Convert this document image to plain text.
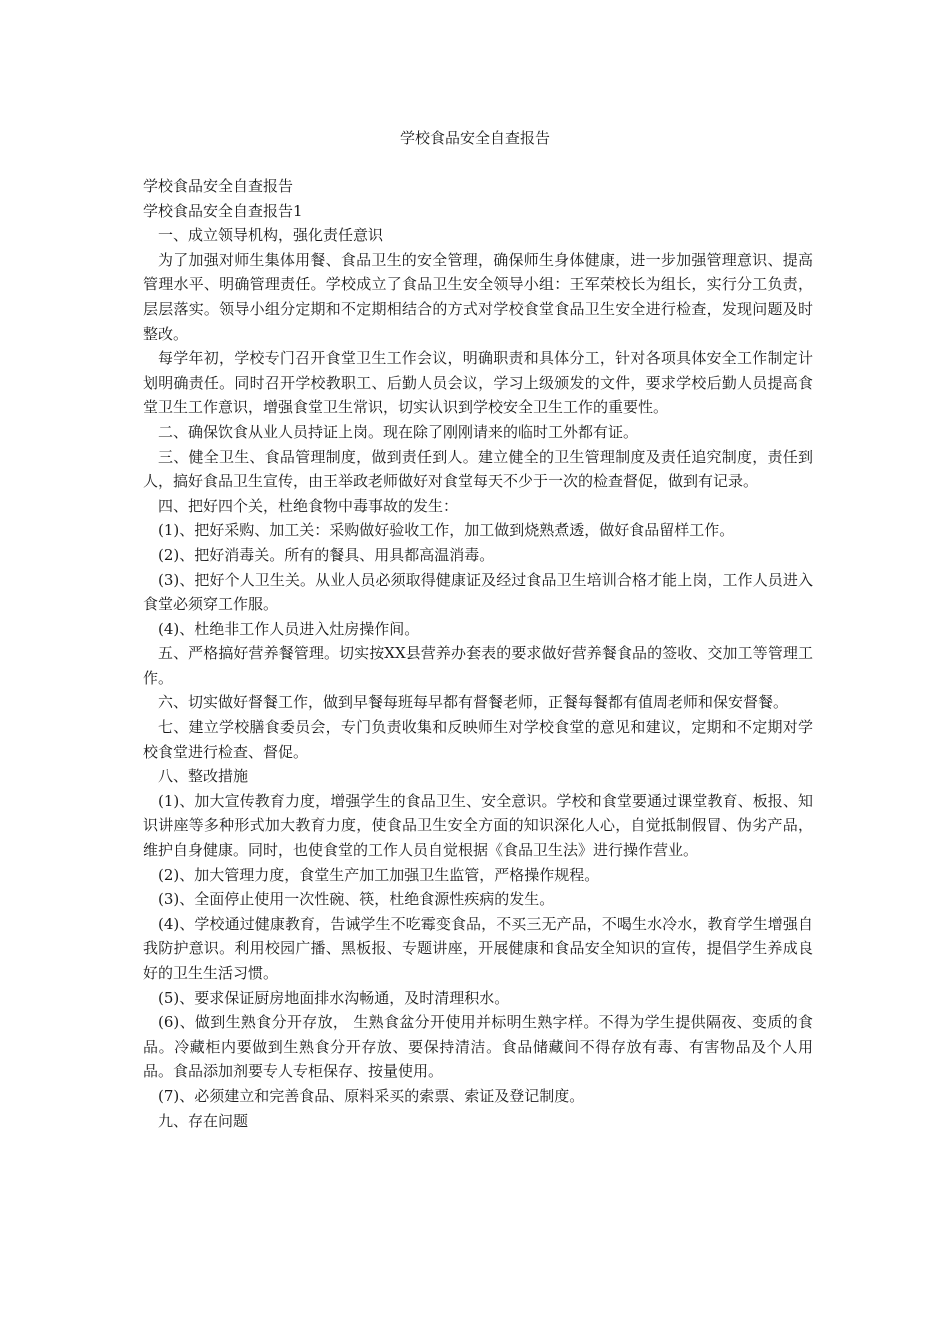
学校食品安全自查报告

学校食品安全自查报告

学校食品安全自查报告1

一、成立领导机构，强化责任意识

为了加强对师生集体用餐、食品卫生的安全管理，确保师生身体健康，进一步加强管理意识、提高管理水平、明确管理责任。学校成立了食品卫生安全领导小组：王军荣校长为组长，实行分工负责，层层落实。领导小组分定期和不定期相结合的方式对学校食堂食品卫生安全进行检查，发现问题及时整改。

每学年初，学校专门召开食堂卫生工作会议，明确职责和具体分工，针对各项具体安全工作制定计划明确责任。同时召开学校教职工、后勤人员会议，学习上级颁发的文件，要求学校后勤人员提高食堂卫生工作意识，增强食堂卫生常识，切实认识到学校安全卫生工作的重要性。

二、确保饮食从业人员持证上岗。现在除了刚刚请来的临时工外都有证。

三、健全卫生、食品管理制度，做到责任到人。建立健全的卫生管理制度及责任追究制度，责任到人，搞好食品卫生宣传，由王举政老师做好对食堂每天不少于一次的检查督促，做到有记录。

四、把好四个关，杜绝食物中毒事故的发生：

(1)、把好采购、加工关：采购做好验收工作，加工做到烧熟煮透，做好食品留样工作。

(2)、把好消毒关。所有的餐具、用具都高温消毒。

(3)、把好个人卫生关。从业人员必须取得健康证及经过食品卫生培训合格才能上岗，工作人员进入食堂必须穿工作服。

(4)、杜绝非工作人员进入灶房操作间。

五、严格搞好营养餐管理。切实按XX县营养办套表的要求做好营养餐食品的签收、交加工等管理工作。

六、切实做好督餐工作，做到早餐每班每早都有督餐老师，正餐每餐都有值周老师和保安督餐。

七、建立学校膳食委员会，专门负责收集和反映师生对学校食堂的意见和建议，定期和不定期对学校食堂进行检查、督促。

八、整改措施

(1)、加大宣传教育力度，增强学生的食品卫生、安全意识。学校和食堂要通过课堂教育、板报、知识讲座等多种形式加大教育力度，使食品卫生安全方面的知识深化人心，自觉抵制假冒、伪劣产品，维护自身健康。同时，也使食堂的工作人员自觉根据《食品卫生法》进行操作营业。

(2)、加大管理力度，食堂生产加工加强卫生监管，严格操作规程。

(3)、全面停止使用一次性碗、筷，杜绝食源性疾病的发生。

(4)、学校通过健康教育，告诫学生不吃霉变食品，不买三无产品，不喝生水冷水，教育学生增强自我防护意识。利用校园广播、黑板报、专题讲座，开展健康和食品安全知识的宣传，提倡学生养成良好的卫生生活习惯。

(5)、要求保证厨房地面排水沟畅通，及时清理积水。

(6)、做到生熟食分开存放， 生熟食盆分开使用并标明生熟字样。不得为学生提供隔夜、变质的食品。冷藏柜内要做到生熟食分开存放、要保持清洁。食品储藏间不得存放有毒、有害物品及个人用品。食品添加剂要专人专柜保存、按量使用。

(7)、必须建立和完善食品、原料采买的索票、索证及登记制度。

九、存在问题
